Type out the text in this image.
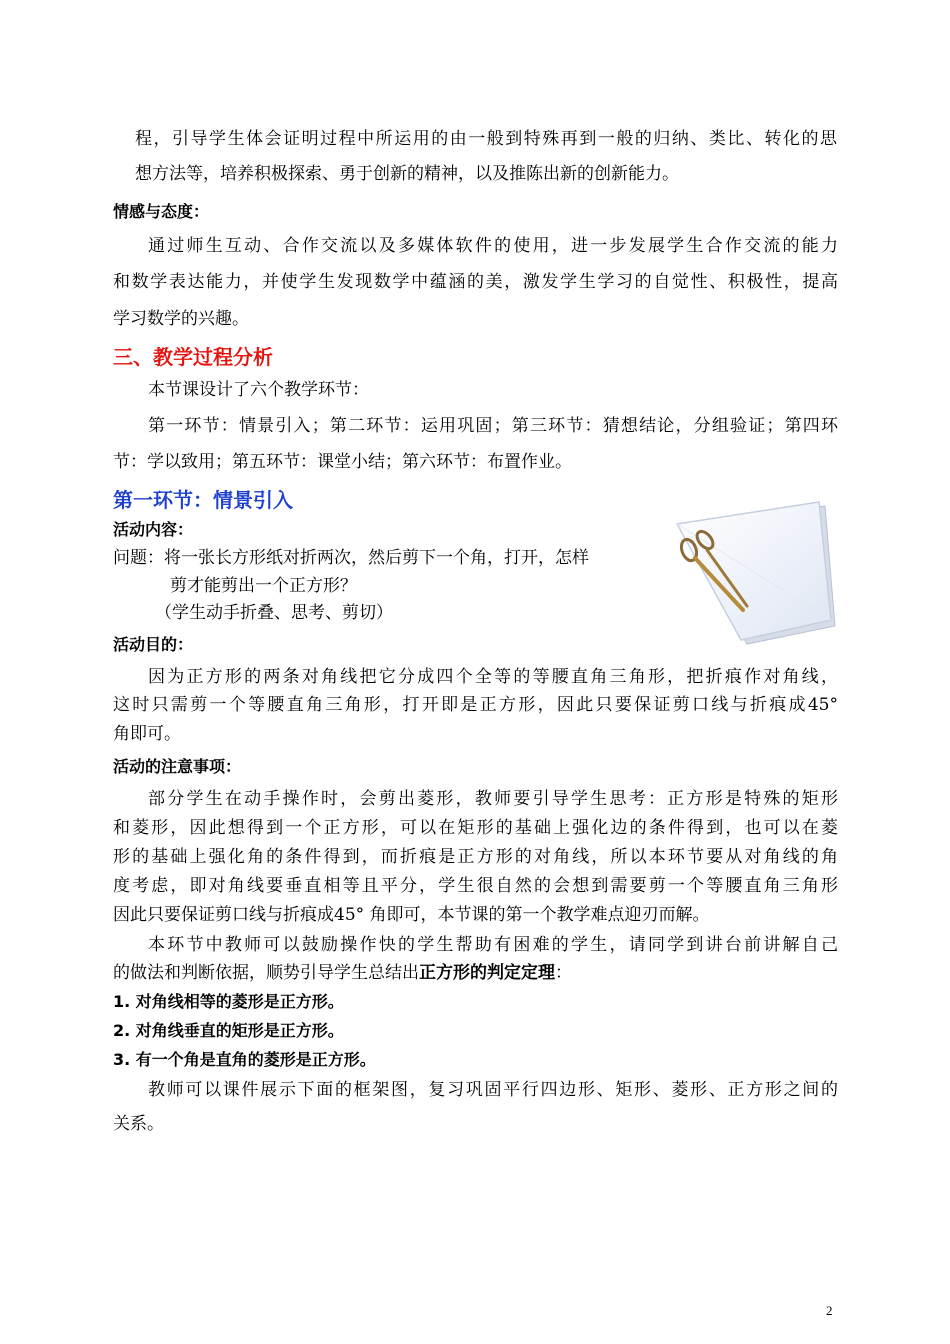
程，引导学生体会证明过程中所运用的由一般到特殊再到一般的归纳、类比、转化的思
想方法等，培养积极探索、勇于创新的精神，以及推陈出新的创新能力。
情感与态度：
通过师生互动、合作交流以及多媒体软件的使用，进一步发展学生合作交流的能力
和数学表达能力，并使学生发现数学中蕴涵的美，激发学生学习的自觉性、积极性，提高
学习数学的兴趣。
三、教学过程分析
本节课设计了六个教学环节：
第一环节：情景引入；第二环节：运用巩固；第三环节：猜想结论，分组验证；第四环
节：学以致用；第五环节：课堂小结；第六环节：布置作业。
第一环节：情景引入
活动内容：
问题：将一张长方形纸对折两次，然后剪下一个角，打开，怎样
剪才能剪出一个正方形？
（学生动手折叠、思考、剪切）
活动目的：
因为正方形的两条对角线把它分成四个全等的等腰直角三角形，把折痕作对角线，
这时只需剪一个等腰直角三角形，打开即是正方形，因此只要保证剪口线与折痕成45°
角即可。
活动的注意事项：
部分学生在动手操作时，会剪出菱形，教师要引导学生思考：正方形是特殊的矩形
和菱形，因此想得到一个正方形，可以在矩形的基础上强化边的条件得到，也可以在菱
形的基础上强化角的条件得到，而折痕是正方形的对角线，所以本环节要从对角线的角
度考虑，即对角线要垂直相等且平分，学生很自然的会想到需要剪一个等腰直角三角形
因此只要保证剪口线与折痕成45° 角即可，本节课的第一个教学难点迎刃而解。
本环节中教师可以鼓励操作快的学生帮助有困难的学生，请同学到讲台前讲解自己
的做法和判断依据，顺势引导学生总结出正方形的判定定理：
1. 对角线相等的菱形是正方形。
2. 对角线垂直的矩形是正方形。
3. 有一个角是直角的菱形是正方形。
教师可以课件展示下面的框架图，复习巩固平行四边形、矩形、菱形、正方形之间的
关系。
2
